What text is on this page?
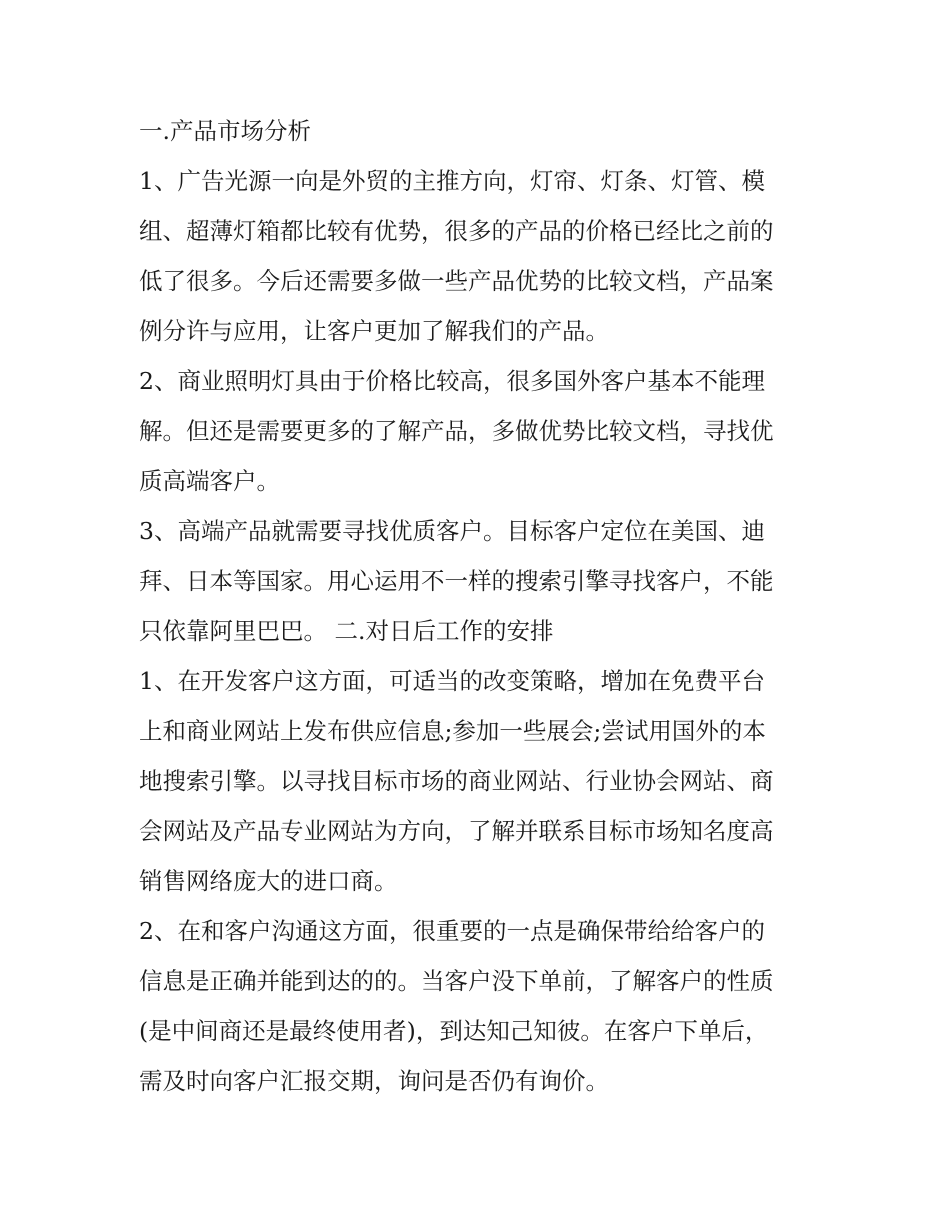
一.产品市场分析
1、广告光源一向是外贸的主推方向，灯帘、灯条、灯管、模
组、超薄灯箱都比较有优势，很多的产品的价格已经比之前的
低了很多。今后还需要多做一些产品优势的比较文档，产品案
例分许与应用，让客户更加了解我们的产品。
2、商业照明灯具由于价格比较高，很多国外客户基本不能理
解。但还是需要更多的了解产品，多做优势比较文档，寻找优
质高端客户。
3、高端产品就需要寻找优质客户。目标客户定位在美国、迪
拜、日本等国家。用心运用不一样的搜索引擎寻找客户，不能
只依靠阿里巴巴。 二.对日后工作的安排
1、在开发客户这方面，可适当的改变策略，增加在免费平台
上和商业网站上发布供应信息;参加一些展会;尝试用国外的本
地搜索引擎。以寻找目标市场的商业网站、行业协会网站、商
会网站及产品专业网站为方向，了解并联系目标市场知名度高
销售网络庞大的进口商。
2、在和客户沟通这方面，很重要的一点是确保带给给客户的
信息是正确并能到达的的。当客户没下单前，了解客户的性质
(是中间商还是最终使用者)，到达知己知彼。在客户下单后，
需及时向客户汇报交期，询问是否仍有询价。
